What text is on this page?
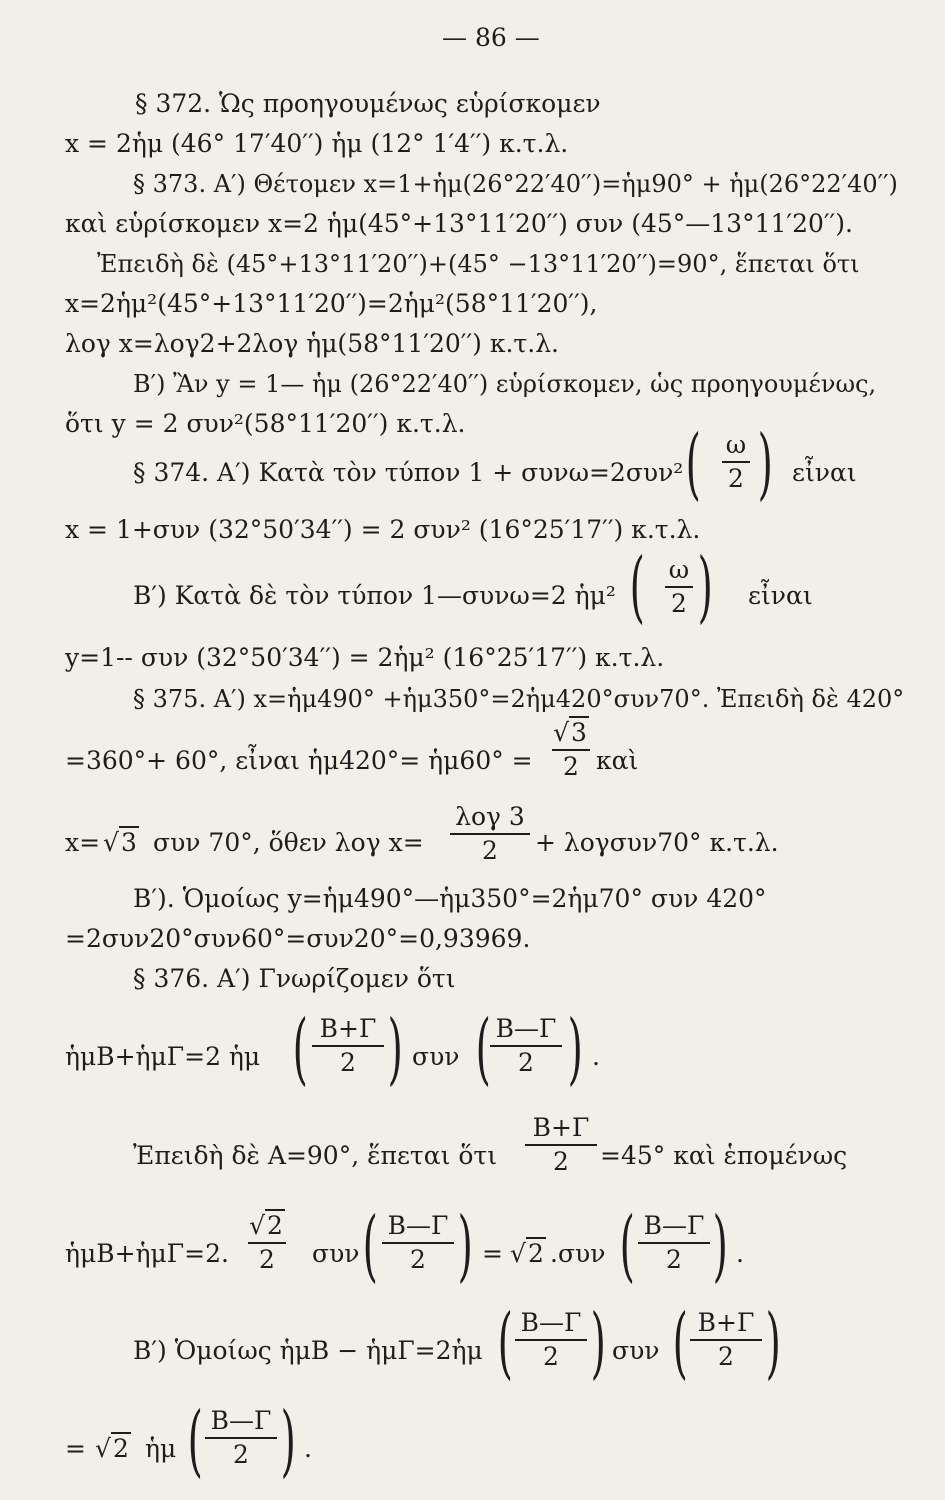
— 86 —
§ 372. Ὡς προηγουμένως εὑρίσκομεν
x = 2ἡμ (46° 17′40′′) ἡμ (12° 1′4′′) κ.τ.λ.
§ 373. Α′) Θέτομεν x=1+ἡμ(26°22′40′′)=ἡμ90° + ἡμ(26°22′40′′)
καὶ εὑρίσκομεν x=2 ἡμ(45°+13°11′20′′) συν (45°—13°11′20′′).
Ἐπειδὴ δὲ (45°+13°11′20′′)+(45° −13°11′20′′)=90°, ἕπεται ὅτι
x=2ἡμ²(45°+13°11′20′′)=2ἡμ²(58°11′20′′),
λογ x=λογ2+2λογ ἡμ(58°11′20′′) κ.τ.λ.
Β′) Ἂν y = 1— ἡμ (26°22′40′′) εὑρίσκομεν, ὡς προηγουμένως,
ὅτι y = 2 συν²(58°11′20′′) κ.τ.λ.
§ 374. Α′) Κατὰ τὸν τύπον 1 + συνω=2συν² ( ω
2 ) εἶναι
x = 1+συν (32°50′34′′) = 2 συν² (16°25′17′′) κ.τ.λ.
Β′) Κατὰ δὲ τὸν τύπον 1—συνω=2 ἡμ² ( ω
2 ) εἶναι
y=1-- συν (32°50′34′′) = 2ἡμ² (16°25′17′′) κ.τ.λ.
§ 375. Α′) x=ἡμ490° +ἡμ350°=2ἡμ420°συν70°. Ἐπειδὴ δὲ 420°
=360°+ 60°, εἶναι ἡμ420°= ἡμ60° =
√3
2 καὶ
x= √3 συν 70°, ὅθεν λογ x=
λογ 3
2 + λογσυν70° κ.τ.λ.
Β′). Ὁμοίως y=ἡμ490°—ἡμ350°=2ἡμ70° συν 420°
=2συν20°συν60°=συν20°=0,93969.
§ 376. Α′) Γνωρίζομεν ὅτι
ἡμΒ+ἡμΓ=2 ἡμ ( Β+Γ
2 ) συν ( Β—Γ
2 ) .
Ἐπειδὴ δὲ Α=90°, ἕπεται ὅτι
Β+Γ
2 =45° καὶ ἑπομένως
ἡμΒ+ἡμΓ=2.
√2
2 συν ( Β—Γ
2 ) = √2 .συν ( Β—Γ
2 ) .
Β′) Ὁμοίως ἡμΒ − ἡμΓ=2ἡμ ( Β—Γ
2 ) συν ( Β+Γ
2 )
= √2 ἡμ ( Β—Γ
2 ) .
